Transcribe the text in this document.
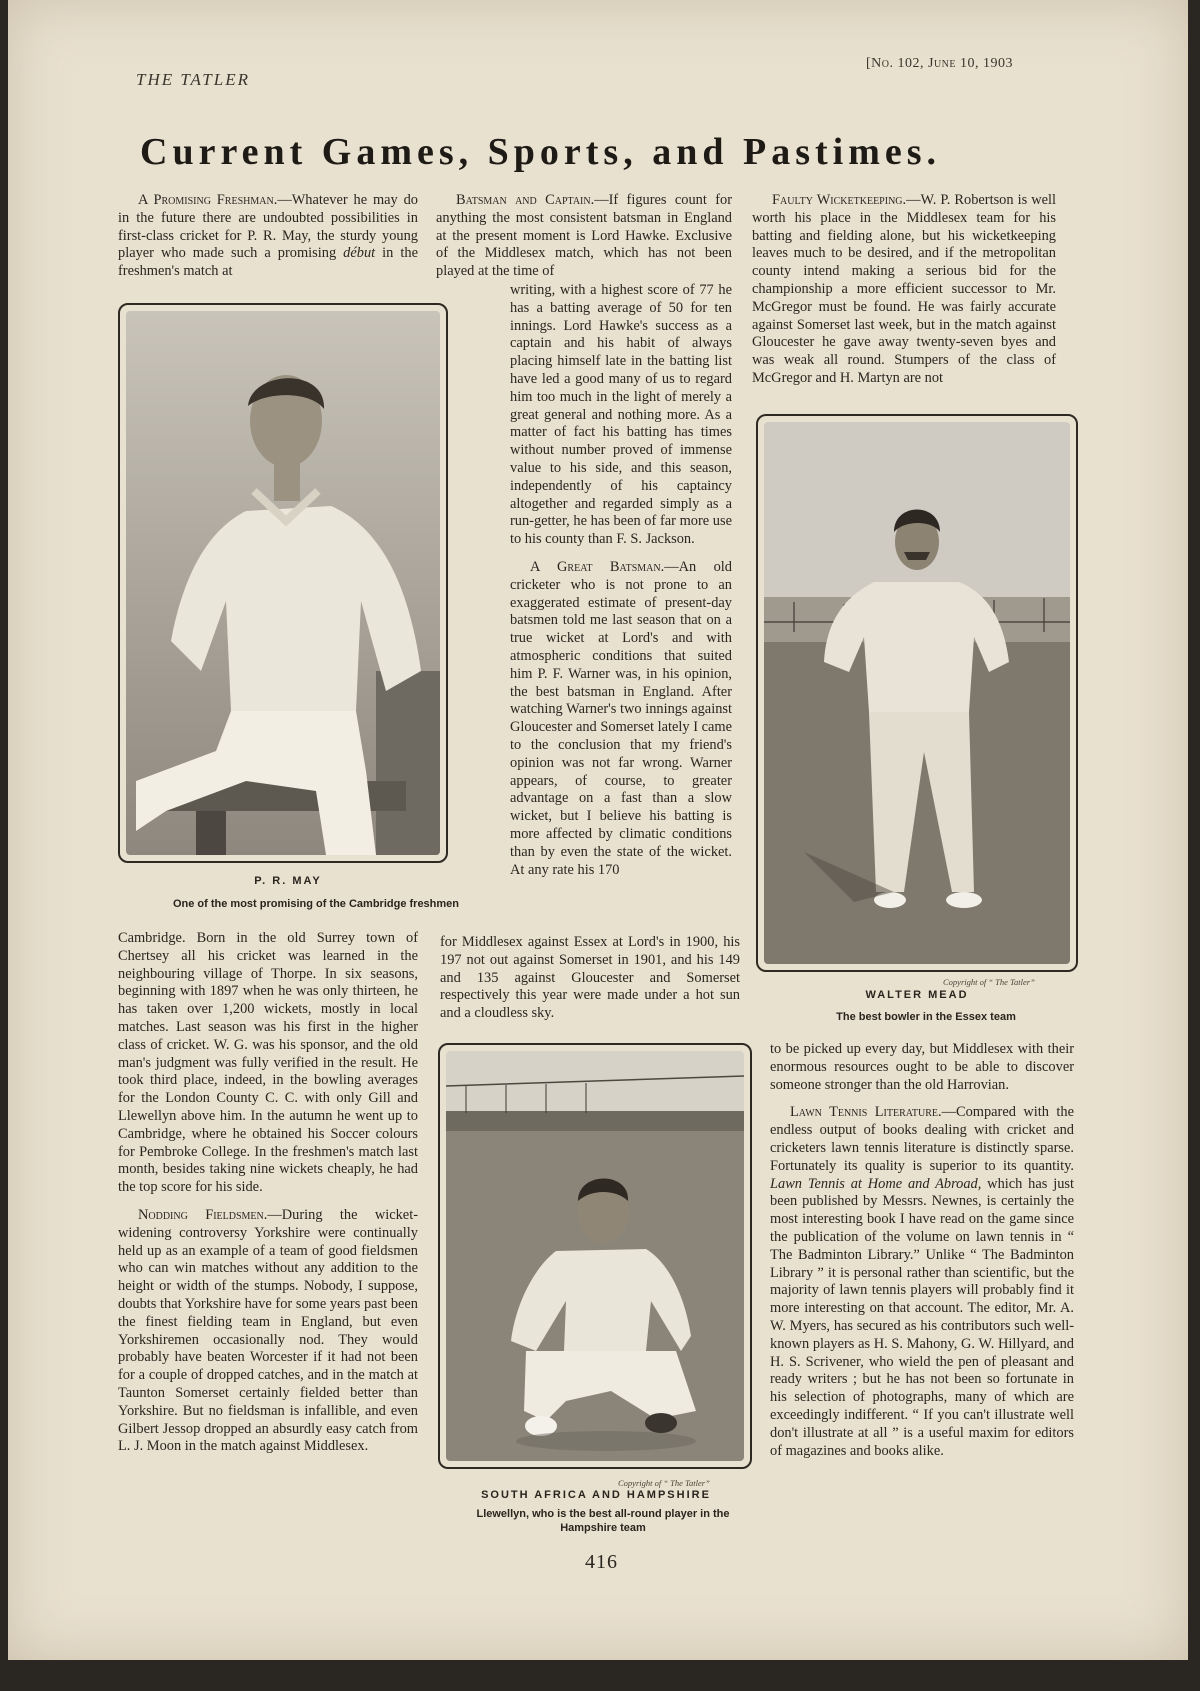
THE TATLER
[No. 102, June 10, 1903
Current Games, Sports, and Pastimes.

A Promising Freshman.—Whatever he may do in the future there are undoubted possibilities in first-class cricket for P. R. May, the sturdy young player who made such a promising début in the freshmen's match at

P. R. MAY
One of the most promising of the Cambridge freshmen

Cambridge. Born in the old Surrey town of Chertsey all his cricket was learned in the neighbouring village of Thorpe. In six seasons, beginning with 1897 when he was only thirteen, he has taken over 1,200 wickets, mostly in local matches. Last season was his first in the higher class of cricket. W. G. was his sponsor, and the old man's judgment was fully verified in the result. He took third place, indeed, in the bowling averages for the London County C. C. with only Gill and Llewellyn above him. In the autumn he went up to Cambridge, where he obtained his Soccer colours for Pembroke College. In the freshmen's match last month, besides taking nine wickets cheaply, he had the top score for his side.

Nodding Fieldsmen.—During the wicket-widening controversy Yorkshire were continually held up as an example of a team of good fieldsmen who can win matches without any addition to the height or width of the stumps. Nobody, I suppose, doubts that Yorkshire have for some years past been the finest fielding team in England, but even Yorkshiremen occasionally nod. They would probably have beaten Worcester if it had not been for a couple of dropped catches, and in the match at Taunton Somerset certainly fielded better than Yorkshire. But no fieldsman is infallible, and even Gilbert Jessop dropped an absurdly easy catch from L. J. Moon in the match against Middlesex.

Batsman and Captain.—If figures count for anything the most consistent batsman in England at the present moment is Lord Hawke. Exclusive of the Middlesex match, which has not been played at the time of

writing, with a highest score of 77 he has a batting average of 50 for ten innings. Lord Hawke's success as a captain and his habit of always placing himself late in the batting list have led a good many of us to regard him too much in the light of merely a great general and nothing more. As a matter of fact his batting has times without number proved of immense value to his side, and this season, independently of his captaincy altogether and regarded simply as a run-getter, he has been of far more use to his county than F. S. Jackson.

A Great Batsman.—An old cricketer who is not prone to an exaggerated estimate of present-day batsmen told me last season that on a true wicket at Lord's and with atmospheric conditions that suited him P. F. Warner was, in his opinion, the best batsman in England. After watching Warner's two innings against Gloucester and Somerset lately I came to the conclusion that my friend's opinion was not far wrong. Warner appears, of course, to greater advantage on a fast than a slow wicket, but I believe his batting is more affected by climatic conditions than by even the state of the wicket. At any rate his 170

for Middlesex against Essex at Lord's in 1900, his 197 not out against Somerset in 1901, and his 149 and 135 against Gloucester and Somerset respectively this year were made under a hot sun and a cloudless sky.

Copyright of “ The Tatler”
SOUTH AFRICA AND HAMPSHIRE
Llewellyn, who is the best all-round player in the Hampshire team

Faulty Wicketkeeping.—W. P. Robertson is well worth his place in the Middlesex team for his batting and fielding alone, but his wicketkeeping leaves much to be desired, and if the metropolitan county intend making a serious bid for the championship a more efficient successor to Mr. McGregor must be found. He was fairly accurate against Somerset last week, but in the match against Gloucester he gave away twenty-seven byes and was weak all round. Stumpers of the class of McGregor and H. Martyn are not

Copyright of “ The Tatler”
WALTER MEAD
The best bowler in the Essex team

to be picked up every day, but Middlesex with their enormous resources ought to be able to discover someone stronger than the old Harrovian.

Lawn Tennis Literature.—Compared with the endless output of books dealing with cricket and cricketers lawn tennis literature is distinctly sparse. Fortunately its quality is superior to its quantity. Lawn Tennis at Home and Abroad, which has just been published by Messrs. Newnes, is certainly the most interesting book I have read on the game since the publication of the volume on lawn tennis in “ The Badminton Library.” Unlike “ The Badminton Library ” it is personal rather than scientific, but the majority of lawn tennis players will probably find it more interesting on that account. The editor, Mr. A. W. Myers, has secured as his contributors such well-known players as H. S. Mahony, G. W. Hillyard, and H. S. Scrivener, who wield the pen of pleasant and ready writers ; but he has not been so fortunate in his selection of photographs, many of which are exceedingly indifferent. “ If you can't illustrate well don't illustrate at all ” is a useful maxim for editors of magazines and books alike.

416
